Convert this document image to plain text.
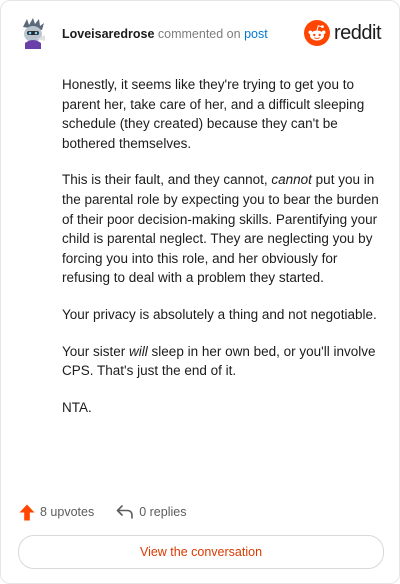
Loveisaredrose commented on post	reddit

Honestly, it seems like they're trying to get you to parent her, take care of her, and a difficult sleeping schedule (they created) because they can't be bothered themselves.

This is their fault, and they cannot, cannot put you in the parental role by expecting you to bear the burden of their poor decision-making skills. Parentifying your child is parental neglect. They are neglecting you by forcing you into this role, and her obviously for refusing to deal with a problem they started.

Your privacy is absolutely a thing and not negotiable.

Your sister will sleep in her own bed, or you'll involve CPS. That's just the end of it.

NTA.

8 upvotes	0 replies
View the conversation
